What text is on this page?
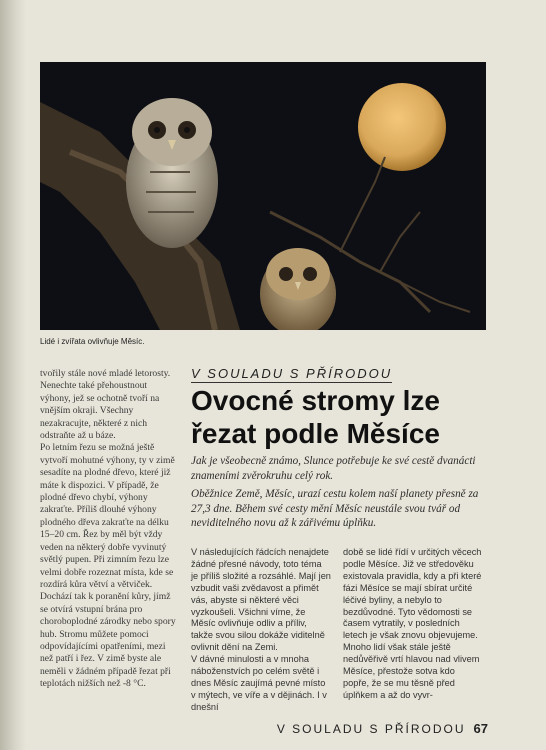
Lidé i zvířata ovlivňuje Měsíc.

tvořily stále nové mladé letorosty. Nenechte také přehoustnout výhony, jež se ochotně tvoří na vnějším okraji. Všechny nezakracujte, některé z nich odstraňte až u báze.

Po letním řezu se možná ještě vytvoří mohutné výhony, ty v zimě sesadíte na plodné dřevo, které již máte k dispozici. V případě, že plodné dřevo chybí, výhony zakraťte. Příliš dlouhé výhony plodného dřeva zakraťte na délku 15–20 cm. Řez by měl být vždy veden na některý dobře vyvinutý světlý pupen. Při zimním řezu lze velmi dobře rozeznat místa, kde se rozdírá kůra větví a větviček. Dochází tak k poranění kůry, jímž se otvírá vstupní brána pro choroboplodné zárodky nebo spory hub. Stromu můžete pomoci odpovídajícími opatřeními, mezi než patří i řez. V zimě byste ale neměli v žádném případě řezat při teplotách nižších než -8 °C.

V SOULADU S PŘÍRODOU
Ovocné stromy lze řezat podle Měsíce

Jak je všeobecně známo, Slunce potřebuje ke své cestě dvanácti znameními zvěrokruhu celý rok.

Oběžnice Země, Měsíc, urazí cestu kolem naší planety přesně za 27,3 dne. Během své cesty mění Měsíc neustále svou tvář od neviditelného novu až k zářivému úplňku.

V následujících řádcích nenajdete žádné přesné návody, toto téma je příliš složité a rozsáhlé. Mají jen vzbudit vaši zvědavost a přimět vás, abyste si některé věci vyzkoušeli. Všichni víme, že Měsíc ovlivňuje odliv a příliv, takže svou silou dokáže viditelně ovlivnit dění na Zemi.

V dávné minulosti a v mnoha náboženstvích po celém světě i dnes Měsíc zaujímá pevné místo v mýtech, ve víře a v dějinách. I v dnešní

době se lidé řídí v určitých věcech podle Měsíce. Již ve středověku existovala pravidla, kdy a při které fázi Měsíce se mají sbírat určité léčivé byliny, a nebylo to bezdůvodné. Tyto vědomosti se časem vytratily, v posledních letech je však znovu objevujeme.

Mnoho lidí však stále ještě nedůvěřivě vrtí hlavou nad vlivem Měsíce, přestože sotva kdo popře, že se mu těsně před úplňkem a až do vyvr-

V SOULADU S PŘÍRODOU 67
